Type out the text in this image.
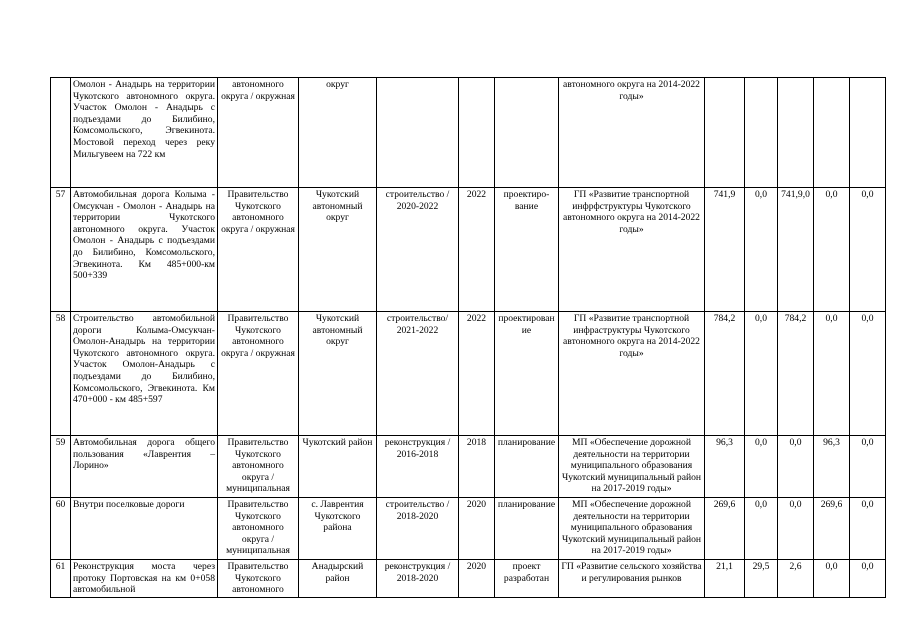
	Омолон - Анадырь на территории Чукотского автономного округа. Участок Омолон - Анадырь с подъездами до Билибино, Комсомольского, Эгвекинота. Мостовой переход через реку Мильгувеем на 722 км	автономного округа / окружная	округ				автономного округа на 2014-2022 годы»					
57	Автомобильная дорога Колыма - Омсукчан - Омолон - Анадырь на территории Чукотского автономного округа. Участок Омолон - Анадырь с подъездами до Билибино, Комсомольского, Эгвекинота. Км 485+000-км 500+339	Правительство Чукотского автономного округа / окружная	Чукотский автономный округ	строительство / 2020-2022	2022	проектиро-вание	ГП «Развитие транспортной инфрфструктуры Чукотского автономного округа на 2014-2022 годы»	741,9	0,0	741,9,0	0,0	0,0
58	Строительство автомобильной дороги Колыма-Омсукчан-Омолон-Анадырь на территории Чукотского автономного округа. Участок Омолон-Анадырь с подъездами до Билибино, Комсомольского, Эгвекинота. Км 470+000 - км 485+597	Правительство Чукотского автономного округа / окружная	Чукотский автономный округ	строительство/ 2021-2022	2022	проектирован ие	ГП «Развитие транспортной инфраструктуры Чукотского автономного округа на 2014-2022 годы»	784,2	0,0	784,2	0,0	0,0
59	Автомобильная дорога общего пользования «Лаврентия – Лорино»	Правительство Чукотского автономного округа / муниципальная	Чукотский район	реконструкция / 2016-2018	2018	планирование	МП «Обеспечение дорожной деятельности на территории муниципального образования Чукотский муниципальный район на 2017-2019 годы»	96,3	0,0	0,0	96,3	0,0
60	Внутри поселковые дороги	Правительство Чукотского автономного округа / муниципальная	с. Лаврентия Чукотского района	строительство / 2018-2020	2020	планирование	МП «Обеспечение дорожной деятельности на территории муниципального образования Чукотский муниципальный район на 2017-2019 годы»	269,6	0,0	0,0	269,6	0,0
61	Реконструкция моста через протоку Портовская на км 0+058 автомобильной	Правительство Чукотского автономного	Анадырский район	реконструкция / 2018-2020	2020	проект разработан	ГП «Развитие сельского хозяйства и регулирования рынков	21,1	29,5	2,6	0,0	0,0
